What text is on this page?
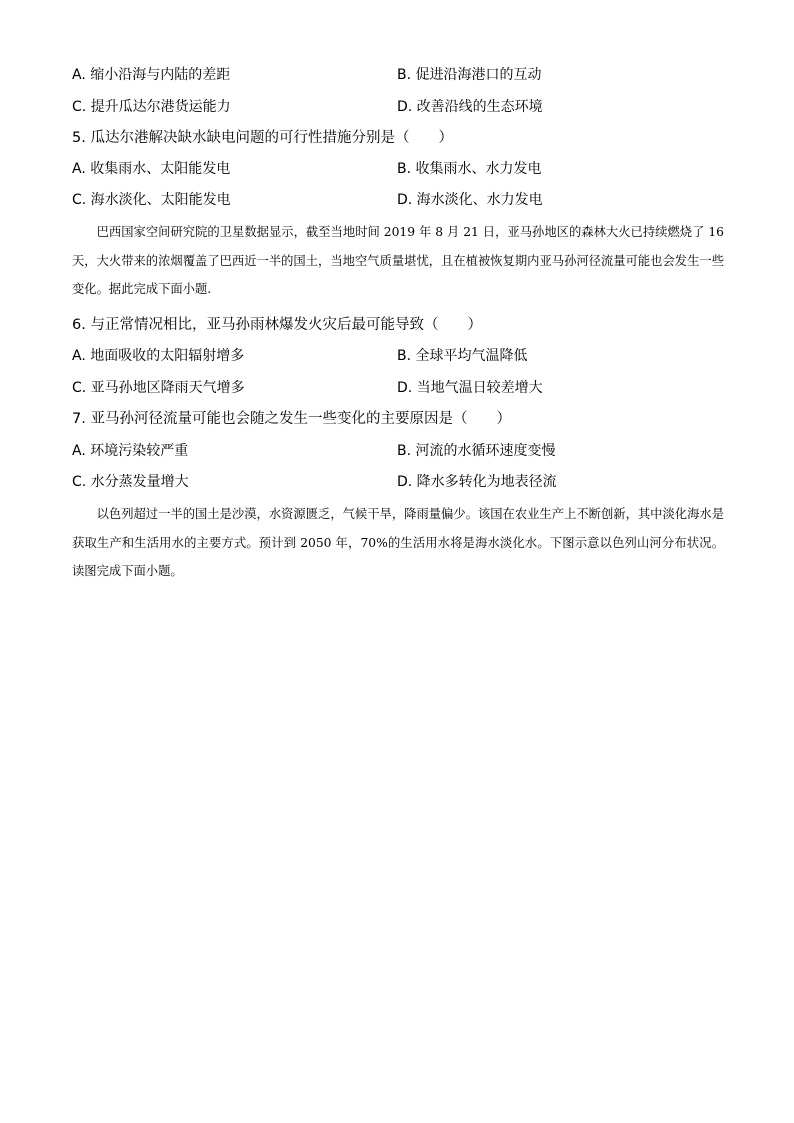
A. 缩小沿海与内陆的差距	B. 促进沿海港口的互动
C. 提升瓜达尔港货运能力	D. 改善沿线的生态环境
5. 瓜达尔港解决缺水缺电问题的可行性措施分别是（　　）
A. 收集雨水、太阳能发电	B. 收集雨水、水力发电
C. 海水淡化、太阳能发电	D. 海水淡化、水力发电

巴西国家空间研究院的卫星数据显示，截至当地时间 2019 年 8 月 21 日，亚马孙地区的森林大火已持续燃烧了 16 天，大火带来的浓烟覆盖了巴西近一半的国土，当地空气质量堪忧，且在植被恢复期内亚马孙河径流量可能也会发生一些变化。据此完成下面小题.

6. 与正常情况相比，亚马孙雨林爆发火灾后最可能导致（　　）
A. 地面吸收的太阳辐射增多	B. 全球平均气温降低
C. 亚马孙地区降雨天气增多	D. 当地气温日较差增大
7. 亚马孙河径流量可能也会随之发生一些变化的主要原因是（　　）
A. 环境污染较严重	B. 河流的水循环速度变慢
C. 水分蒸发量增大	D. 降水多转化为地表径流

以色列超过一半的国土是沙漠，水资源匮乏，气候干旱，降雨量偏少。该国在农业生产上不断创新，其中淡化海水是获取生产和生活用水的主要方式。预计到 2050 年，70%的生活用水将是海水淡化水。下图示意以色列山河分布状况。读图完成下面小题。
